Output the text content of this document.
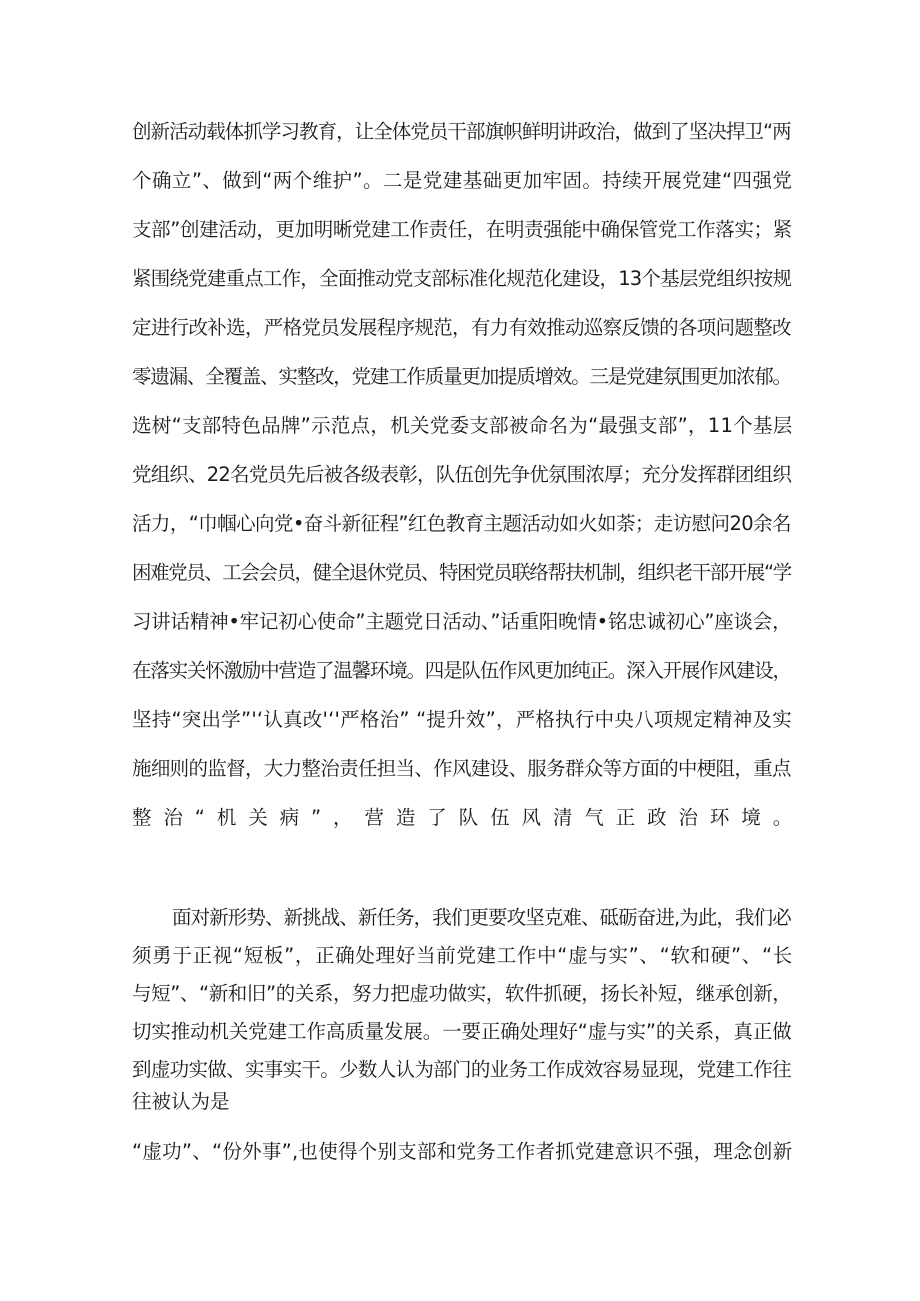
创新活动载体抓学习教育，让全体党员干部旗帜鲜明讲政治，做到了坚决捍卫“两
个确立”、做到“两个维护”。二是党建基础更加牢固。持续开展党建“四强党
支部”创建活动，更加明晰党建工作责任，在明责强能中确保管党工作落实；紧
紧围绕党建重点工作，全面推动党支部标准化规范化建设，13个基层党组织按规
定进行改补选，严格党员发展程序规范，有力有效推动巡察反馈的各项问题整改
零遗漏、全覆盖、实整改，党建工作质量更加提质增效。三是党建氛围更加浓郁。
选树“支部特色品牌”示范点，机关党委支部被命名为“最强支部”，11个基层
党组织、22名党员先后被各级表彰，队伍创先争优氛围浓厚；充分发挥群团组织
活力，“巾帼心向党•奋斗新征程”红色教育主题活动如火如荼；走访慰问20余名
困难党员、工会会员，健全退休党员、特困党员联络帮扶机制，组织老干部开展“学
习讲话精神•牢记初心使命”主题党日活动、”话重阳晚情•铭忠诚初心”座谈会，
在落实关怀激励中营造了温馨环境。四是队伍作风更加纯正。深入开展作风建设，
坚持“突出学”'‘认真改'‘'严格治” “提升效”，严格执行中央八项规定精神及实
施细则的监督，大力整治责任担当、作风建设、服务群众等方面的中梗阻，重点
整治“机关病”，营造了队伍风清气正政治环境。
面对新形势、新挑战、新任务，我们更要攻坚克难、砥砺奋进,为此，我们必
须勇于正视“短板”，正确处理好当前党建工作中“虚与实”、“软和硬”、“长
与短”、“新和旧”的关系，努力把虚功做实，软件抓硬，扬长补短，继承创新，
切实推动机关党建工作高质量发展。一要正确处理好“虚与实”的关系，真正做
到虚功实做、实事实干。少数人认为部门的业务工作成效容易显现，党建工作往
往被认为是
“虚功”、“份外事”,也使得个别支部和党务工作者抓党建意识不强，理念创新
